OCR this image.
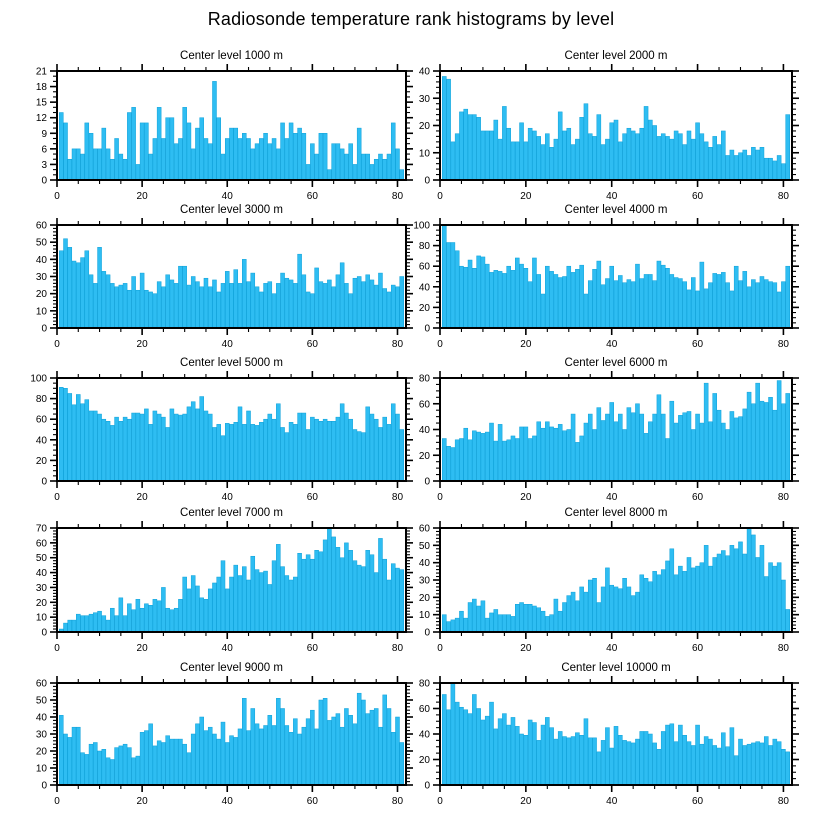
Radiosonde temperature rank histograms by level
Center level 1000 m
0	20	40	60	80
0
3
6
9
12
15
18
21
Center level 2000 m
0	20	40	60	80
0
10
20
30
40
Center level 3000 m
0	20	40	60	80
0
10
20
30
40
50
60
Center level 4000 m
0	20	40	60	80
0
20
40
60
80
100
Center level 5000 m
0	20	40	60	80
0
20
40
60
80
100
Center level 6000 m
0	20	40	60	80
0
20
40
60
80
Center level 7000 m
0	20	40	60	80
0
10
20
30
40
50
60
70
Center level 8000 m
0	20	40	60	80
0
10
20
30
40
50
60
Center level 9000 m
0	20	40	60	80
0
10
20
30
40
50
60
Center level 10000 m
0	20	40	60	80
0
20
40
60
80
